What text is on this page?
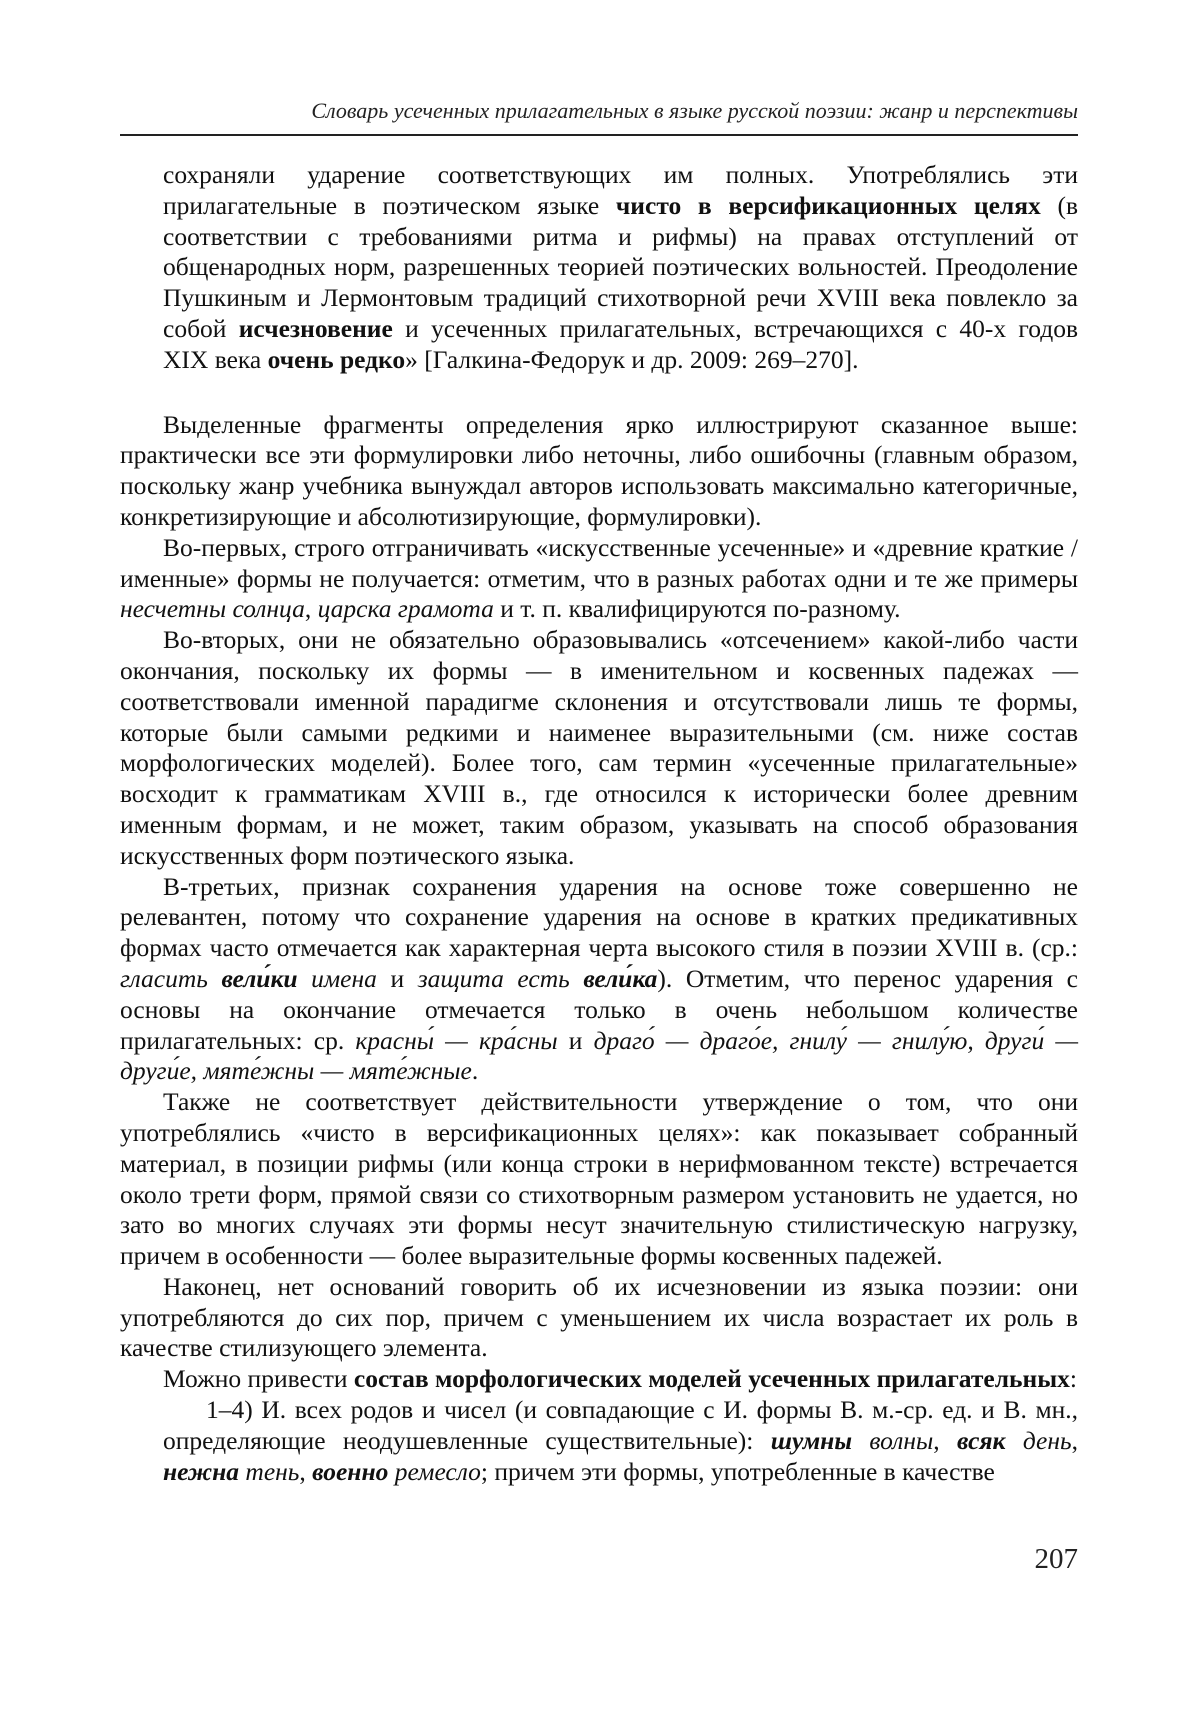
Словарь усеченных прилагательных в языке русской поэзии: жанр и перспективы

сохраняли ударение соответствующих им полных. Употреблялись эти прилагательные в поэтическом языке чисто в версификационных целях (в соответствии с требованиями ритма и рифмы) на правах отступлений от общенародных норм, разрешенных теорией поэтических вольностей. Преодоление Пушкиным и Лермонтовым традиций стихотворной речи XVIII века повлекло за собой исчезновение и усеченных прилагательных, встречающихся с 40-х годов XIX века очень редко» [Галкина-Федорук и др. 2009: 269–270].

Выделенные фрагменты определения ярко иллюстрируют сказанное выше: практически все эти формулировки либо неточны, либо ошибочны (главным образом, поскольку жанр учебника вынуждал авторов использовать максимально категоричные, конкретизирующие и абсолютизирующие, формулировки).

Во-первых, строго отграничивать «искусственные усеченные» и «древние краткие / именные» формы не получается: отметим, что в разных работах одни и те же примеры несчетны солнца, царска грамота и т. п. квалифицируются по-разному.

Во-вторых, они не обязательно образовывались «отсечением» какой-либо части окончания, поскольку их формы — в именительном и косвенных падежах — соответствовали именной парадигме склонения и отсутствовали лишь те формы, которые были самыми редкими и наименее выразительными (см. ниже состав морфологических моделей). Более того, сам термин «усеченные прилагательные» восходит к грамматикам XVIII в., где относился к исторически более древним именным формам, и не может, таким образом, указывать на способ образования искусственных форм поэтического языка.

В-третьих, признак сохранения ударения на основе тоже совершенно не релевантен, потому что сохранение ударения на основе в кратких предикативных формах часто отмечается как характерная черта высокого стиля в поэзии XVIII в. (ср.: гласить вели́ки имена и защита есть вели́ка). Отметим, что перенос ударения с основы на окончание отмечается только в очень небольшом количестве прилагательных: ср. красны́ — кра́сны и драго́ — драго́е, гнилу́ — гнилу́ю, други́ — други́е, мяте́жны — мяте́жные.

Также не соответствует действительности утверждение о том, что они употреблялись «чисто в версификационных целях»: как показывает собранный материал, в позиции рифмы (или конца строки в нерифмованном тексте) встречается около трети форм, прямой связи со стихотворным размером установить не удается, но зато во многих случаях эти формы несут значительную стилистическую нагрузку, причем в особенности — более выразительные формы косвенных падежей.

Наконец, нет оснований говорить об их исчезновении из языка поэзии: они употребляются до сих пор, причем с уменьшением их числа возрастает их роль в качестве стилизующего элемента.

Можно привести состав морфологических моделей усеченных прилагательных:

1–4) И. всех родов и чисел (и совпадающие с И. формы В. м.-ср. ед. и В. мн., определяющие неодушевленные существительные): шумны волны, всяк день, нежна тень, военно ремесло; причем эти формы, употребленные в качестве

207
